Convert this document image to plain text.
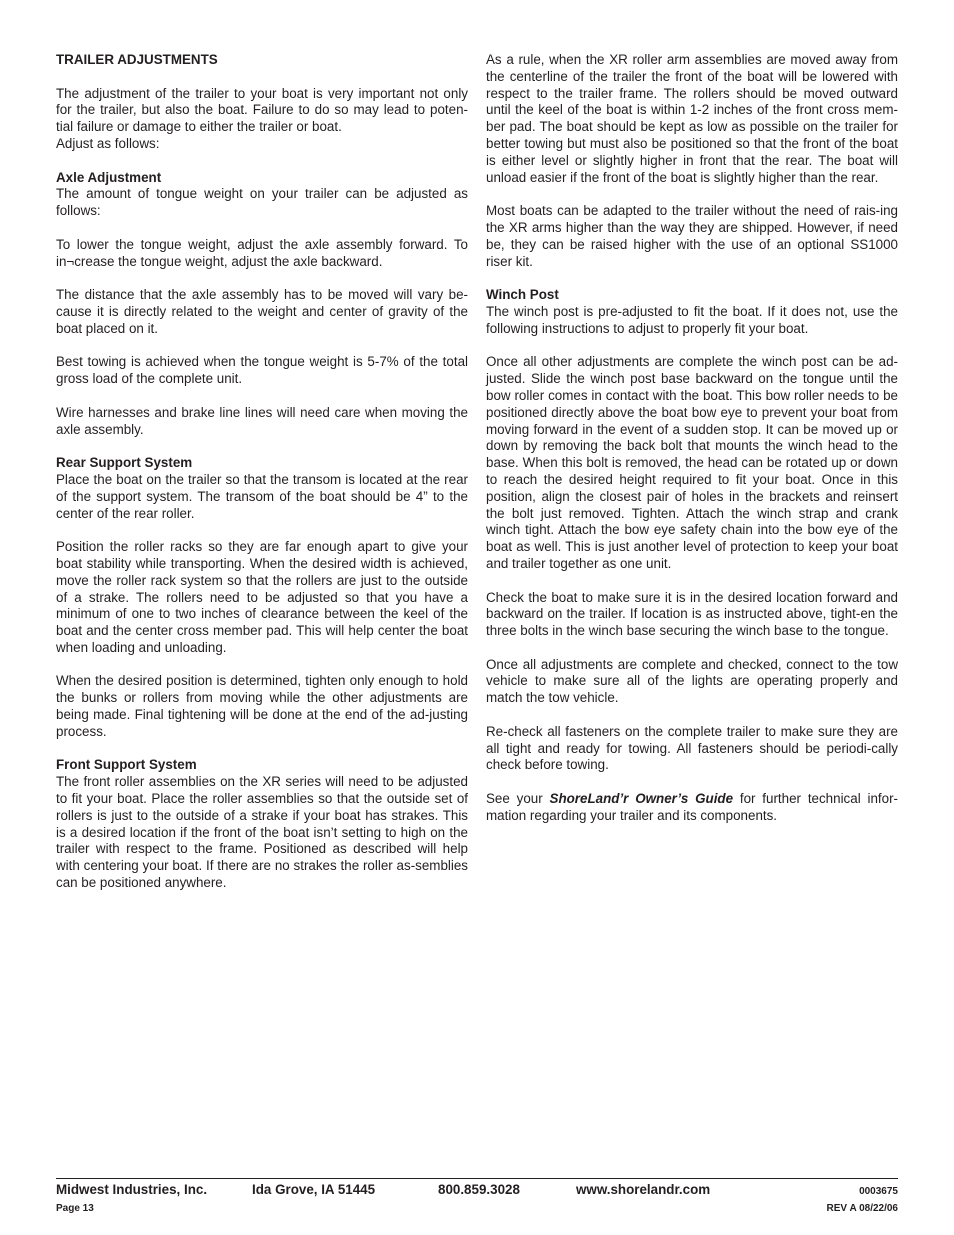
TRAILER ADJUSTMENTS

The adjustment of the trailer to your boat is very important not only for the trailer, but also the boat. Failure to do so may lead to poten-tial failure or damage to either the trailer or boat.

Adjust as follows:

Axle Adjustment

The amount of tongue weight on your trailer can be adjusted as follows:

To lower the tongue weight, adjust the axle assembly forward. To in¬crease the tongue weight, adjust the axle backward.

The distance that the axle assembly has to be moved will vary be-cause it is directly related to the weight and center of gravity of the boat placed on it.

Best towing is achieved when the tongue weight is 5-7% of the total gross load of the complete unit.

Wire harnesses and brake line lines will need care when moving the axle assembly.

Rear Support System

Place the boat on the trailer so that the transom is located at the rear of the support system. The transom of the boat should be 4” to the center of the rear roller.

Position the roller racks so they are far enough apart to give your boat stability while transporting. When the desired width is achieved, move the roller rack system so that the rollers are just to the outside of a strake. The rollers need to be adjusted so that you have a minimum of one to two inches of clearance between the keel of the boat and the center cross member pad. This will help center the boat when loading and unloading.

When the desired position is determined, tighten only enough to hold the bunks or rollers from moving while the other adjustments are being made. Final tightening will be done at the end of the ad-justing process.

Front Support System

The front roller assemblies on the XR series will need to be adjusted to fit your boat. Place the roller assemblies so that the outside set of rollers is just to the outside of a strake if your boat has strakes. This is a desired location if the front of the boat isn’t setting to high on the trailer with respect to the frame. Positioned as described will help with centering your boat. If there are no strakes the roller as-semblies can be positioned anywhere.

As a rule, when the XR roller arm assemblies are moved away from the centerline of the trailer the front of the boat will be lowered with respect to the trailer frame. The rollers should be moved outward until the keel of the boat is within 1-2 inches of the front cross mem-ber pad. The boat should be kept as low as possible on the trailer for better towing but must also be positioned so that the front of the boat is either level or slightly higher in front that the rear. The boat will unload easier if the front of the boat is slightly higher than the rear.

Most boats can be adapted to the trailer without the need of rais-ing the XR arms higher than the way they are shipped. However, if need be, they can be raised higher with the use of an optional SS1000 riser kit.

Winch Post

The winch post is pre-adjusted to fit the boat. If it does not, use the following instructions to adjust to properly fit your boat.

Once all other adjustments are complete the winch post can be ad-justed. Slide the winch post base backward on the tongue until the bow roller comes in contact with the boat. This bow roller needs to be positioned directly above the boat bow eye to prevent your boat from moving forward in the event of a sudden stop. It can be moved up or down by removing the back bolt that mounts the winch head to the base. When this bolt is removed, the head can be rotated up or down to reach the desired height required to fit your boat. Once in this position, align the closest pair of holes in the brackets and reinsert the bolt just removed. Tighten. Attach the winch strap and crank winch tight. Attach the bow eye safety chain into the bow eye of the boat as well. This is just another level of protection to keep your boat and trailer together as one unit.

Check the boat to make sure it is in the desired location forward and backward on the trailer. If location is as instructed above, tight-en the three bolts in the winch base securing the winch base to the tongue.

Once all adjustments are complete and checked, connect to the tow vehicle to make sure all of the lights are operating properly and match the tow vehicle.

Re-check all fasteners on the complete trailer to make sure they are all tight and ready for towing. All fasteners should be periodi-cally check before towing.

See your ShoreLand’r Owner’s Guide for further technical infor-mation regarding your trailer and its components.

Midwest Industries, Inc.	Ida Grove, IA 51445	800.859.3028	www.shorelandr.com	0003675
Page 13	REV A 08/22/06
